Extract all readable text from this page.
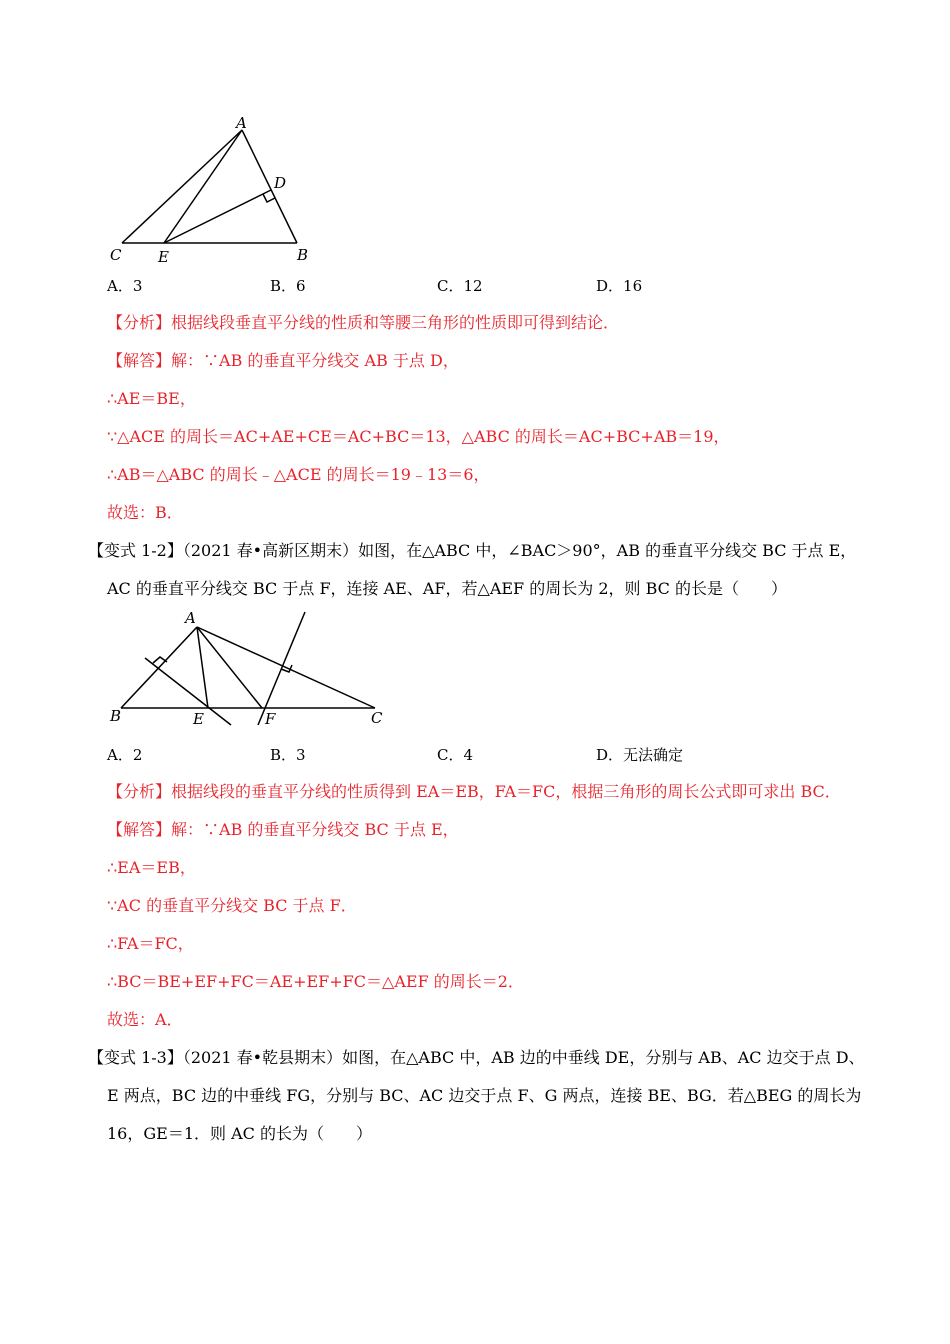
A
D
C E	B
A．3	B．6	C．12	D．16
【分析】根据线段垂直平分线的性质和等腰三角形的性质即可得到结论．
【解答】解：∵AB 的垂直平分线交 AB 于点 D，
∴AE＝BE，
∵△ACE 的周长＝AC+AE+CE＝AC+BC＝13，△ABC 的周长＝AC+BC+AB＝19，
∴AB＝△ABC 的周长﹣△ACE 的周长＝19﹣13＝6，
故选：B．
【变式 1-2】（2021 春•高新区期末）如图，在△ABC 中，∠BAC＞90°，AB 的垂直平分线交 BC 于点 E，
AC 的垂直平分线交 BC 于点 F，连接 AE、AF，若△AEF 的周长为 2，则 BC 的长是（　　）
A
B	E	F	C
A．2	B．3	C．4	D．无法确定
【分析】根据线段的垂直平分线的性质得到 EA＝EB，FA＝FC，根据三角形的周长公式即可求出 BC．
【解答】解：∵AB 的垂直平分线交 BC 于点 E，
∴EA＝EB，
∵AC 的垂直平分线交 BC 于点 F．
∴FA＝FC，
∴BC＝BE+EF+FC＝AE+EF+FC＝△AEF 的周长＝2．
故选：A．
【变式 1-3】（2021 春•乾县期末）如图，在△ABC 中，AB 边的中垂线 DE，分别与 AB、AC 边交于点 D、
E 两点，BC 边的中垂线 FG，分别与 BC、AC 边交于点 F、G 两点，连接 BE、BG．若△BEG 的周长为
16，GE＝1．则 AC 的长为（　　）
